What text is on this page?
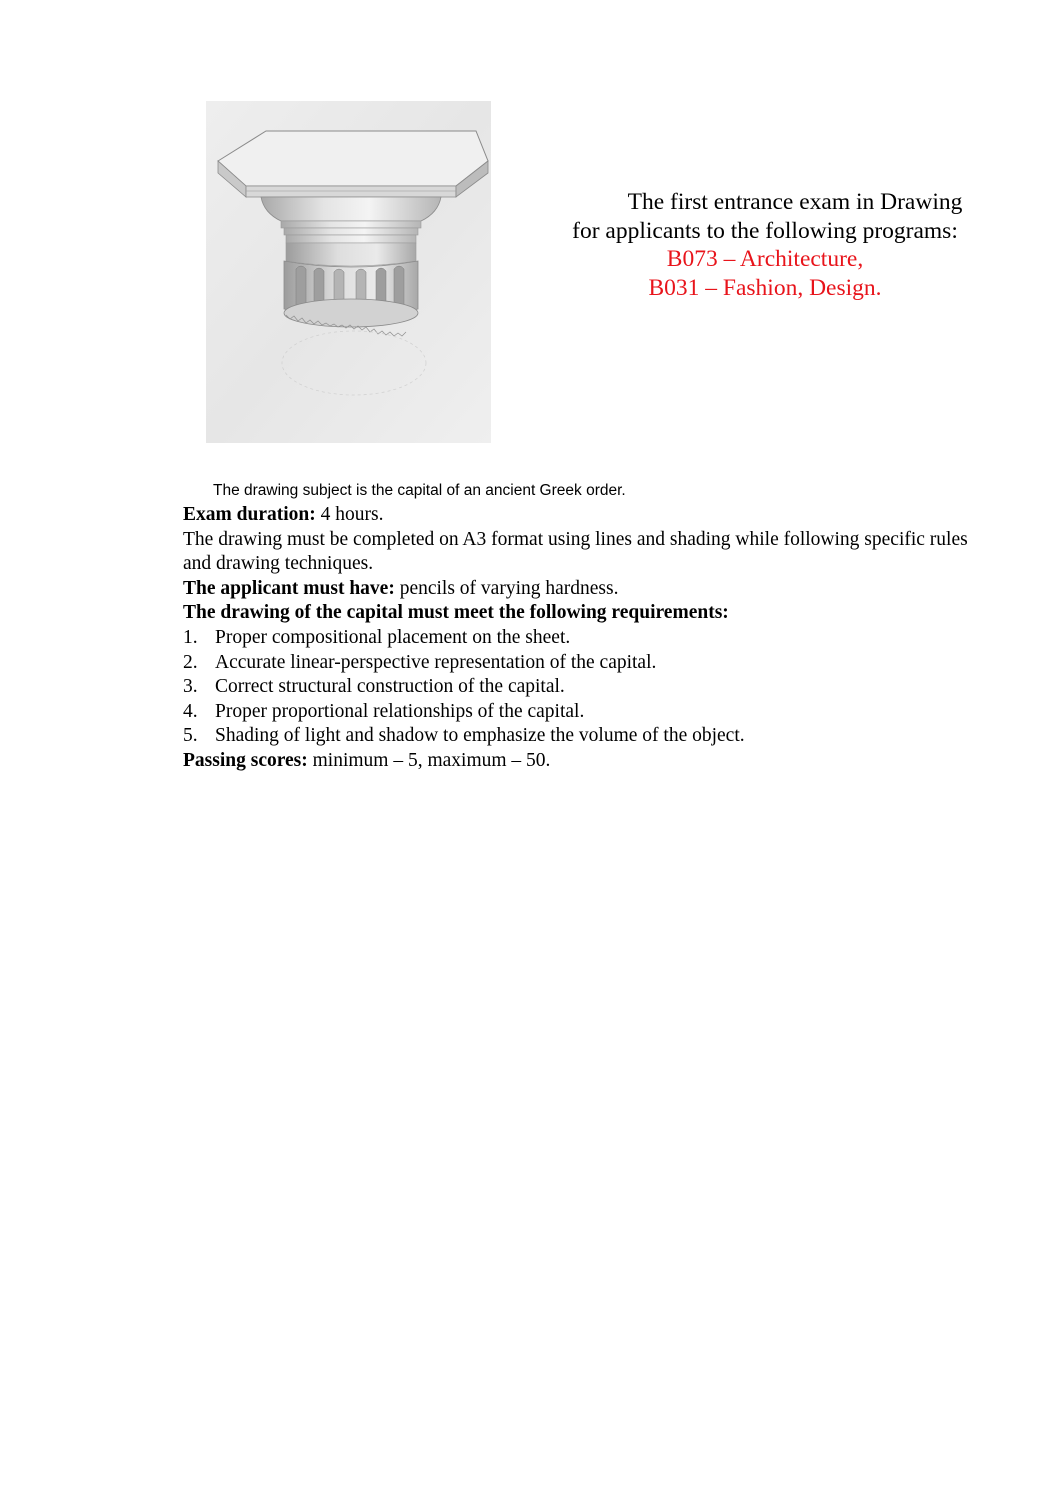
The first entrance exam in Drawing
for applicants to the following programs:
B073 – Architecture,
B031 – Fashion, Design.
The drawing subject is the capital of an ancient Greek order.

Exam duration: 4 hours.

The drawing must be completed on A3 format using lines and shading while following specific rules and drawing techniques.

The applicant must have: pencils of varying hardness.

The drawing of the capital must meet the following requirements:

1. Proper compositional placement on the sheet.
2. Accurate linear-perspective representation of the capital.
3. Correct structural construction of the capital.
4. Proper proportional relationships of the capital.
5. Shading of light and shadow to emphasize the volume of the object.

Passing scores: minimum – 5, maximum – 50.
